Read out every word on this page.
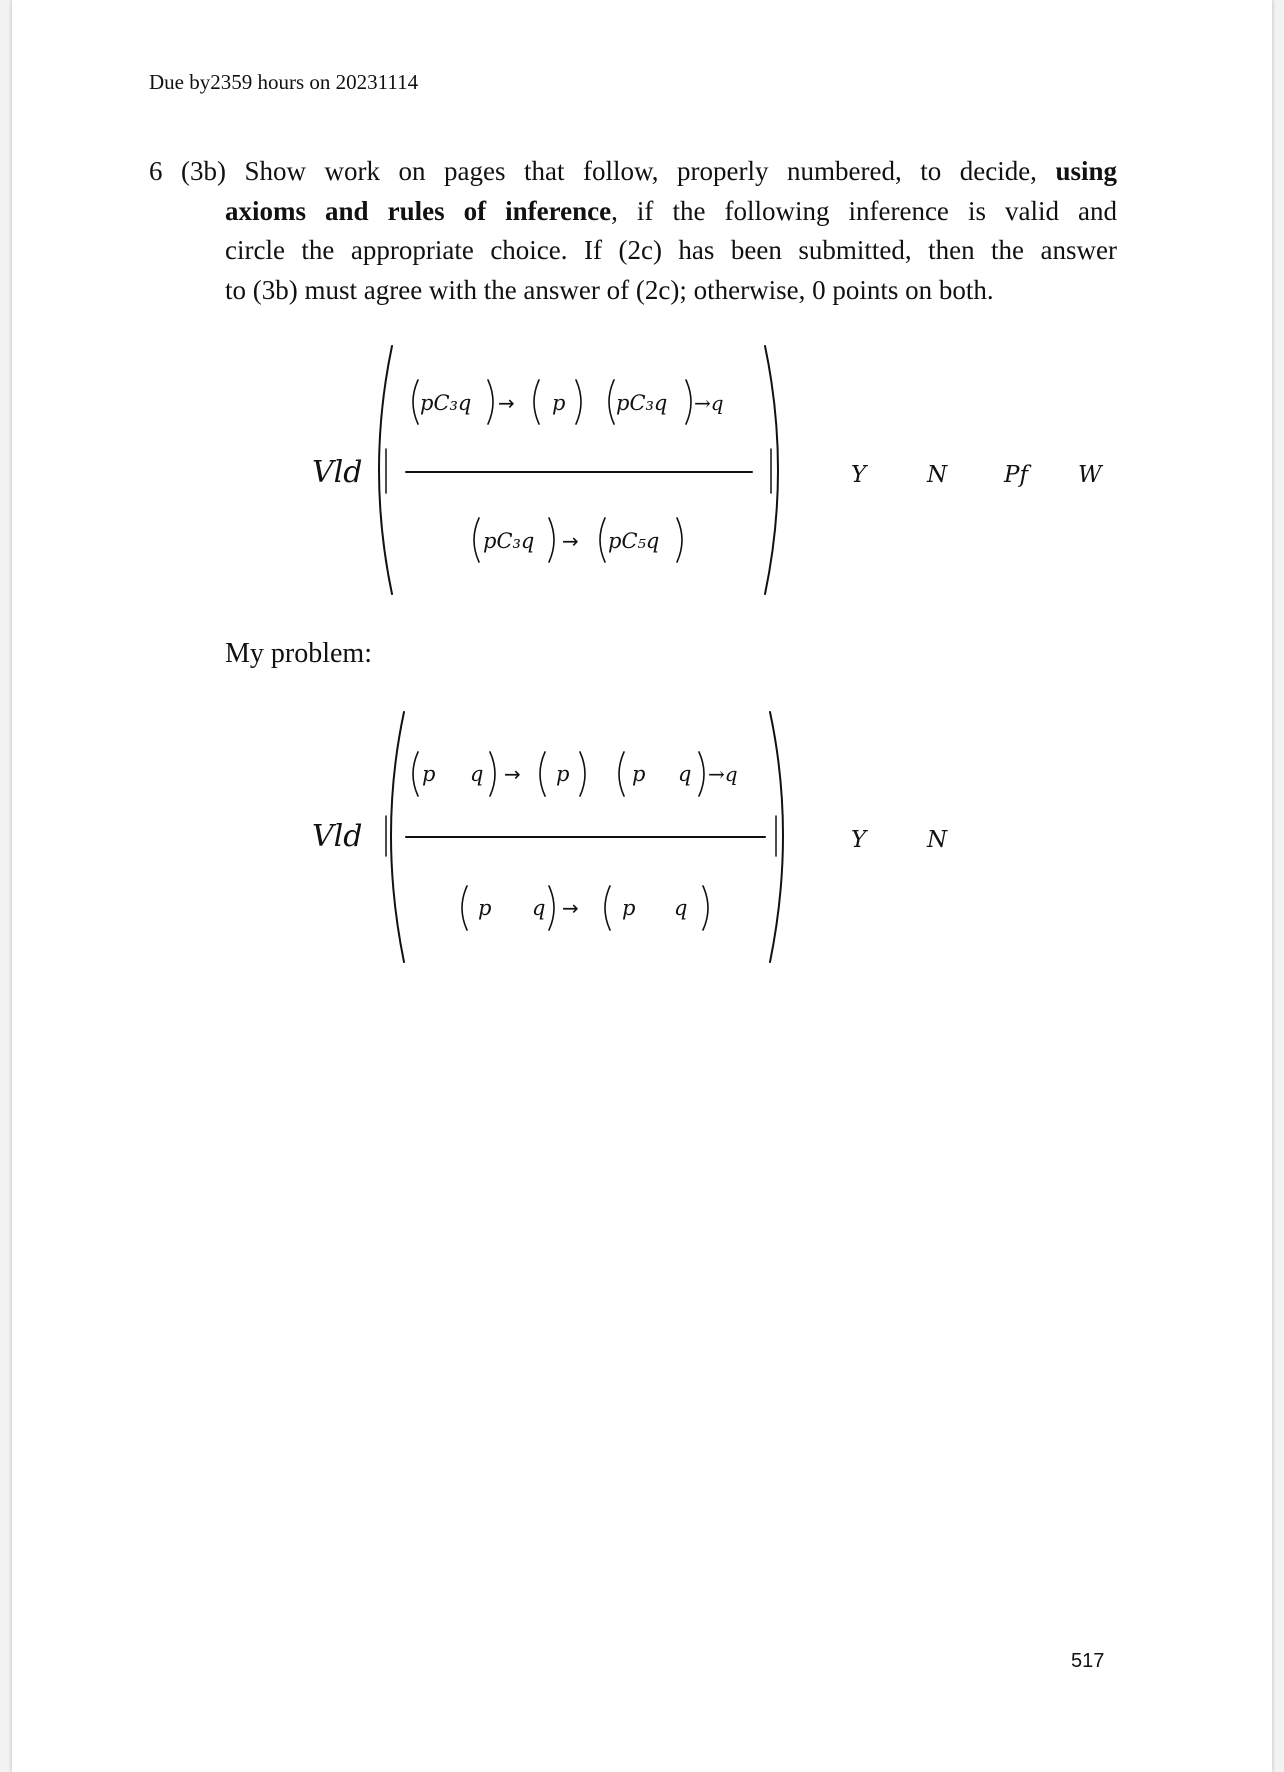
Due by2359 hours on 20231114
6 (3b) Show work on pages that follow, properly numbered, to decide, using
axioms and rules of inference, if the following inference is valid and
circle the appropriate choice. If (2c) has been submitted, then the answer
to (3b) must agree with the answer of (2c); otherwise, 0 points on both.
My problem:
Vld
pC₃q → p pC₃q →q
pC₃q → pC₅q
Y	N Pf W
Vld
p q → p	p q →q
p q → p q
Y	N
517
